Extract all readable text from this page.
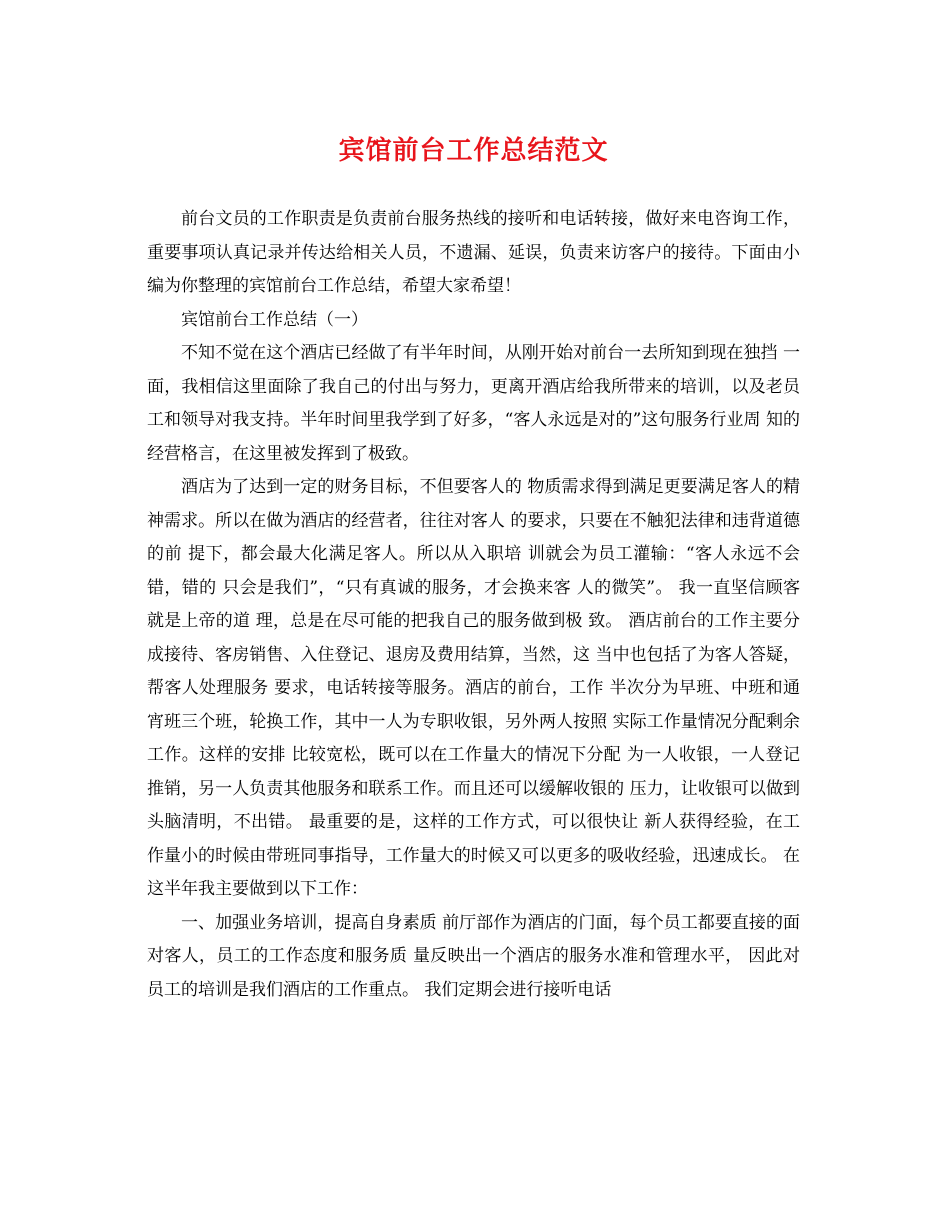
宾馆前台工作总结范文

前台文员的工作职责是负责前台服务热线的接听和电话转接，做好来电咨询工作，重要事项认真记录并传达给相关人员，不遗漏、延误，负责来访客户的接待。下面由小编为你整理的宾馆前台工作总结，希望大家希望！

宾馆前台工作总结（一）

不知不觉在这个酒店已经做了有半年时间，从刚开始对前台一去所知到现在独挡 一面，我相信这里面除了我自己的付出与努力，更离开酒店给我所带来的培训，以及老员工和领导对我支持。半年时间里我学到了好多，“客人永远是对的”这句服务行业周 知的经营格言，在这里被发挥到了极致。

酒店为了达到一定的财务目标，不但要客人的 物质需求得到满足更要满足客人的精神需求。所以在做为酒店的经营者，往往对客人 的要求，只要在不触犯法律和违背道德的前 提下，都会最大化满足客人。所以从入职培 训就会为员工灌输：“客人永远不会错，错的 只会是我们”，“只有真诚的服务，才会换来客 人的微笑”。 我一直坚信顾客就是上帝的道 理，总是在尽可能的把我自己的服务做到极 致。 酒店前台的工作主要分成接待、客房销售、入住登记、退房及费用结算，当然，这 当中也包括了为客人答疑，帮客人处理服务 要求，电话转接等服务。酒店的前台，工作 半次分为早班、中班和通宵班三个班，轮换工作，其中一人为专职收银，另外两人按照 实际工作量情况分配剩余工作。这样的安排 比较宽松，既可以在工作量大的情况下分配 为一人收银，一人登记推销，另一人负责其他服务和联系工作。而且还可以缓解收银的 压力，让收银可以做到头脑清明，不出错。 最重要的是，这样的工作方式，可以很快让 新人获得经验，在工作量小的时候由带班同事指导，工作量大的时候又可以更多的吸收经验，迅速成长。 在这半年我主要做到以下工作：

一、加强业务培训，提高自身素质 前厅部作为酒店的门面，每个员工都要直接的面对客人，员工的工作态度和服务质 量反映出一个酒店的服务水准和管理水平， 因此对员工的培训是我们酒店的工作重点。 我们定期会进行接听电话
